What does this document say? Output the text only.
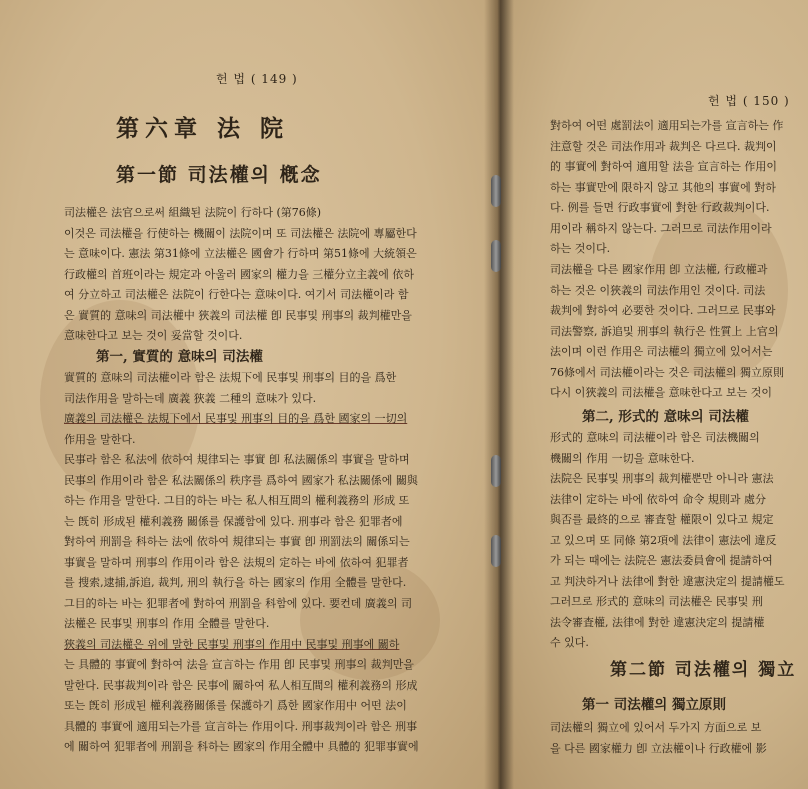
헌 법 ( 149 )
第六章 法 院
第一節 司法權의 槪念
司法權은 法官으로써 組織된 法院이 行하다 (第76條)
이것은 司法權을 行使하는 機關이 法院이며 또 司法權은 法院에 專屬한다
는 意味이다. 憲法 第31條에 立法權은 國會가 行하며 第51條에 大統領은
行政權의 首班이라는 規定과 아울러 國家의 權力을 三權分立主義에 依하
여 分立하고 司法權은 法院이 行한다는 意味이다. 여기서 司法權이라 함
은 實質的 意味의 司法權中 狹義의 司法權 卽 民事및 刑事의 裁判權만을
意味한다고 보는 것이 妥當할 것이다.
第一, 實質的 意味의 司法權
實質的 意味의 司法權이라 함은 法規下에 民事및 刑事의 目的을 爲한
司法作用을 말하는데 廣義 狹義 二種의 意味가 있다.
廣義의 司法權은 法規下에서 民事및 刑事의 目的을 爲한 國家의 一切의
作用을 말한다.
民事라 함은 私法에 依하여 規律되는 事實 卽 私法關係의 事實을 말하며
民事의 作用이라 함은 私法關係의 秩序를 爲하여 國家가 私法關係에 關與
하는 作用을 말한다. 그目的하는 바는 私人相互間의 權利義務의 形成 또
는 旣히 形成된 權利義務 關係를 保護함에 있다. 刑事라 함은 犯罪者에
對하여 刑罰을 科하는 法에 依하여 規律되는 事實 卽 刑罰法의 關係되는
事實을 말하며 刑事의 作用이라 함은 法規의 定하는 바에 依하여 犯罪者
를 搜索,逮捕,訴追, 裁判, 刑의 執行을 하는 國家의 作用 全體를 말한다.
그目的하는 바는 犯罪者에 對하여 刑罰을 科함에 있다. 要컨데 廣義의 司
法權은 民事및 刑事의 作用 全體를 말한다.
狹義의 司法權은 위에 말한 民事및 刑事의 作用中 民事및 刑事에 關하
는 具體的 事實에 對하여 法을 宣言하는 作用 卽 民事및 刑事의 裁判만을
말한다. 民事裁判이라 함은 民事에 關하여 私人相互間의 權利義務의 形成
또는 旣히 形成된 權利義務關係를 保護하기 爲한 國家作用中 어떤 法이
具體的 事實에 適用되는가를 宣言하는 作用이다. 刑事裁判이라 함은 刑事
에 關하여 犯罪者에 刑罰을 科하는 國家의 作用全體中 具體的 犯罪事實에
헌 법 ( 150 )
對하여 어떤 處罰法이 適用되는가를 宣言하는 作
注意할 것은 司法作用과 裁判은 다르다. 裁判이
的 事實에 對하여 適用할 法을 宣言하는 作用이
하는 事實만에 限하지 않고 其他의 事實에 對하
다. 例를 들면 行政事實에 對한 行政裁判이다.
用이라 稱하지 않는다. 그러므로 司法作用이라
하는 것이다.
司法權을 다른 國家作用 卽 立法權, 行政權과
하는 것은 이狹義의 司法作用인 것이다. 司法
裁判에 對하여 必要한 것이다. 그러므로 民事와
司法警察, 訴追및 刑事의 執行은 性質上 上官의
法이며 이런 作用은 司法權의 獨立에 있어서는
76條에서 司法權이라는 것은 司法權의 獨立原則
다시 이狹義의 司法權을 意味한다고 보는 것이
第二, 形式的 意味의 司法權
形式的 意味의 司法權이라 함은 司法機關의
機關의 作用 一切을 意味한다.
法院은 民事및 刑事의 裁判權뿐만 아니라 憲法
法律이 定하는 바에 依하여 命令 規則과 處分
與否를 最終的으로 審査할 權限이 있다고 規定
고 있으며 또 同條 第2項에 法律이 憲法에 違反
가 되는 때에는 法院은 憲法委員會에 提請하여
고 判決하거나 法律에 對한 違憲決定의 提請權도
그러므로 形式的 意味의 司法權은 民事및 刑
法令審査權, 法律에 對한 違憲決定의 提請權
수 있다.
第二節 司法權의 獨立
第一 司法權의 獨立原則
司法權의 獨立에 있어서 두가지 方面으로 보
을 다른 國家權力 卽 立法權이나 行政權에 影
